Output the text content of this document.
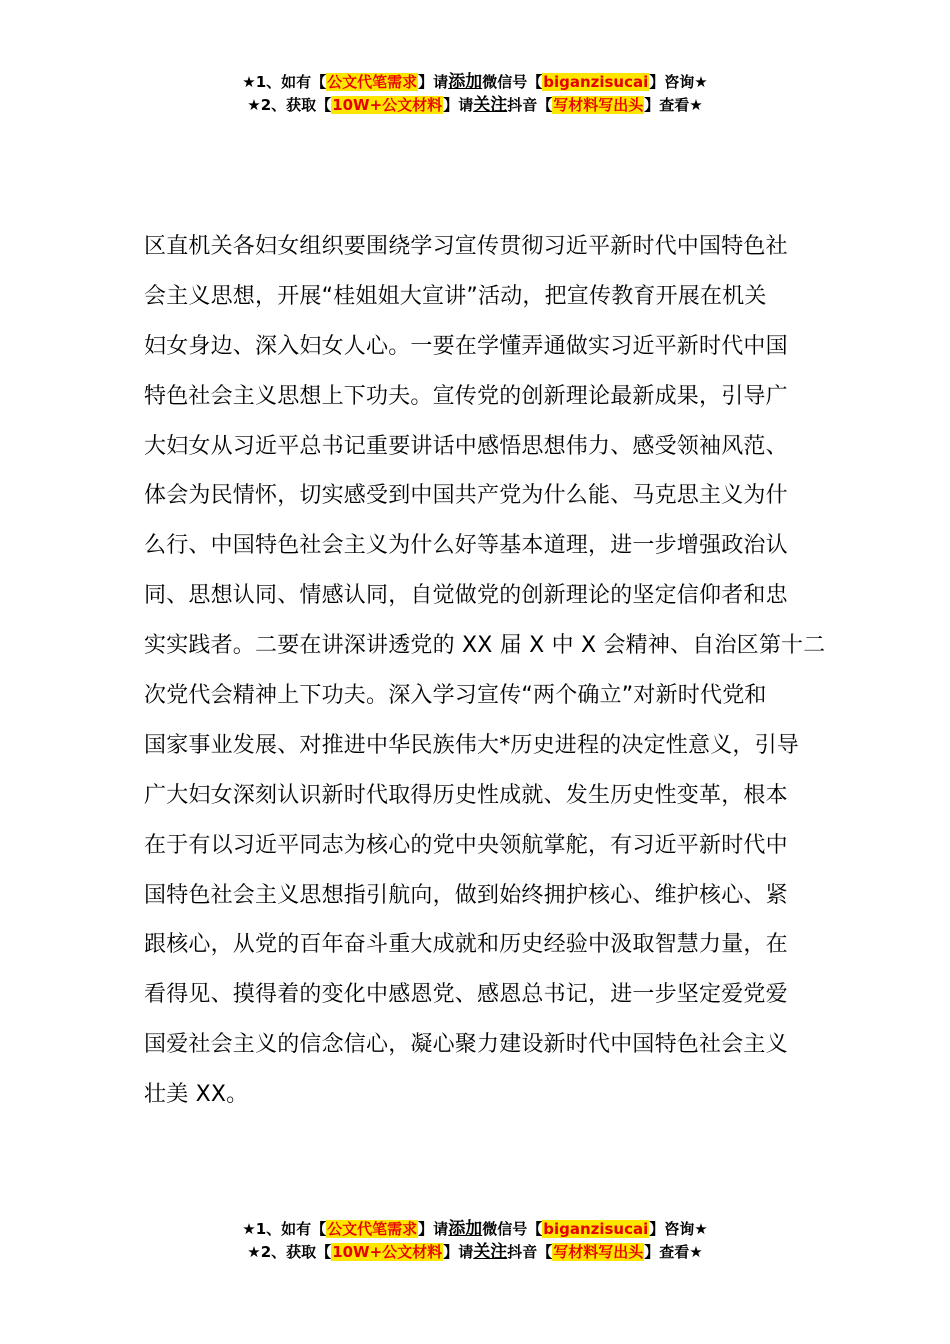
★1、如有【公文代笔需求】请添加微信号【biganzisucai】咨询★
★2、获取【10W+公文材料】请关注抖音【写材料写出头】查看★
区直机关各妇女组织要围绕学习宣传贯彻习近平新时代中国特色社
会主义思想，开展“桂姐姐大宣讲”活动，把宣传教育开展在机关
妇女身边、深入妇女人心。一要在学懂弄通做实习近平新时代中国
特色社会主义思想上下功夫。宣传党的创新理论最新成果，引导广
大妇女从习近平总书记重要讲话中感悟思想伟力、感受领袖风范、
体会为民情怀，切实感受到中国共产党为什么能、马克思主义为什
么行、中国特色社会主义为什么好等基本道理，进一步增强政治认
同、思想认同、情感认同，自觉做党的创新理论的坚定信仰者和忠
实实践者。二要在讲深讲透党的 XX 届 X 中 X 会精神、自治区第十二
次党代会精神上下功夫。深入学习宣传“两个确立”对新时代党和
国家事业发展、对推进中华民族伟大*历史进程的决定性意义，引导
广大妇女深刻认识新时代取得历史性成就、发生历史性变革，根本
在于有以习近平同志为核心的党中央领航掌舵，有习近平新时代中
国特色社会主义思想指引航向，做到始终拥护核心、维护核心、紧
跟核心，从党的百年奋斗重大成就和历史经验中汲取智慧力量，在
看得见、摸得着的变化中感恩党、感恩总书记，进一步坚定爱党爱
国爱社会主义的信念信心，凝心聚力建设新时代中国特色社会主义
壮美 XX。
★1、如有【公文代笔需求】请添加微信号【biganzisucai】咨询★
★2、获取【10W+公文材料】请关注抖音【写材料写出头】查看★
